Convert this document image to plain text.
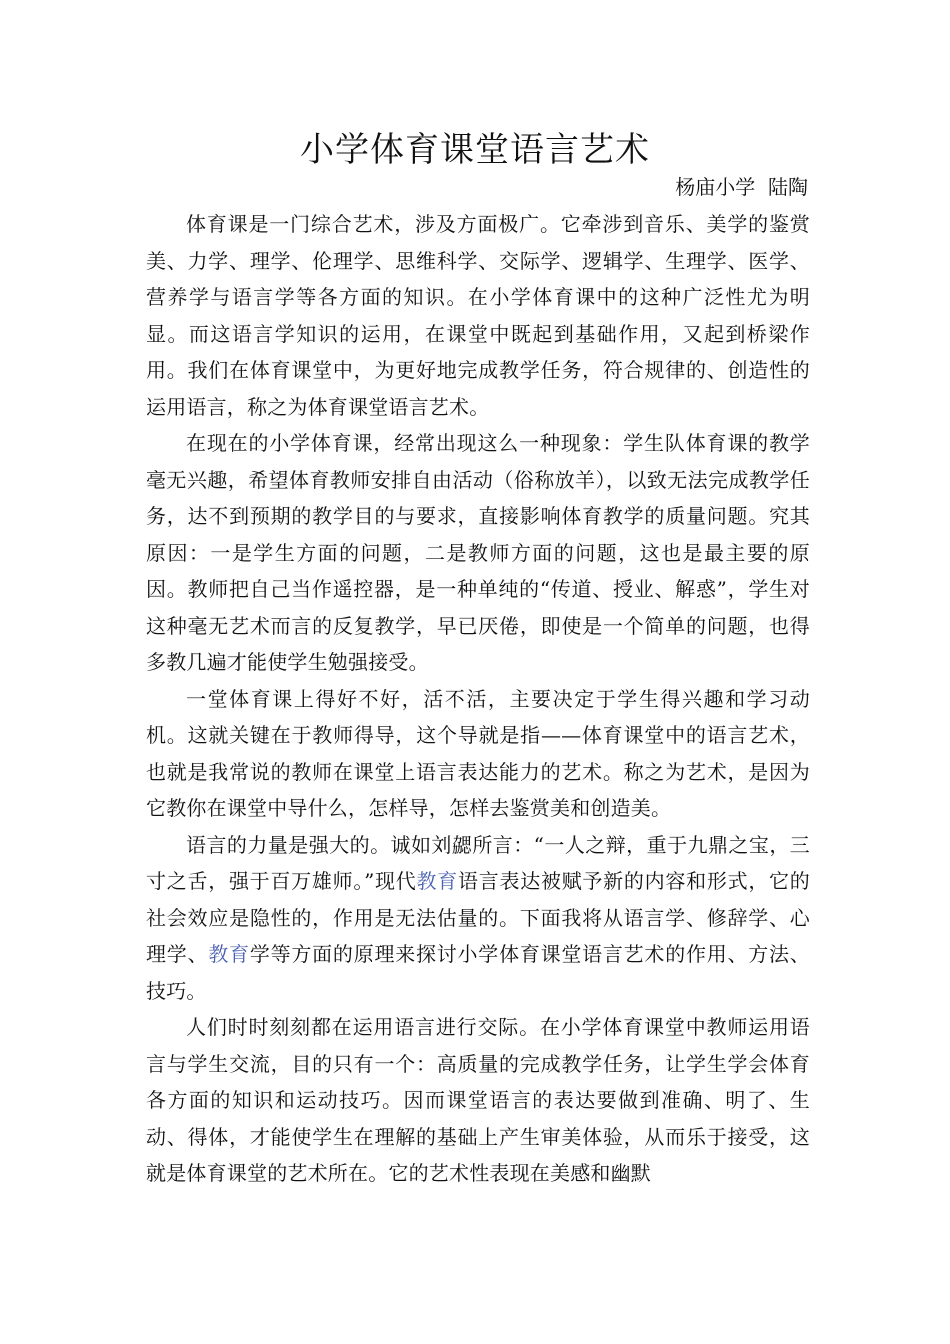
小学体育课堂语言艺术
杨庙小学  陆陶

体育课是一门综合艺术，涉及方面极广。它牵涉到音乐、美学的鉴赏美、力学、理学、伦理学、思维科学、交际学、逻辑学、生理学、医学、营养学与语言学等各方面的知识。在小学体育课中的这种广泛性尤为明显。而这语言学知识的运用，在课堂中既起到基础作用，又起到桥梁作用。我们在体育课堂中，为更好地完成教学任务，符合规律的、创造性的运用语言，称之为体育课堂语言艺术。

在现在的小学体育课，经常出现这么一种现象：学生队体育课的教学毫无兴趣，希望体育教师安排自由活动（俗称放羊），以致无法完成教学任务，达不到预期的教学目的与要求，直接影响体育教学的质量问题。究其原因：一是学生方面的问题，二是教师方面的问题，这也是最主要的原因。教师把自己当作遥控器，是一种单纯的“传道、授业、解惑”，学生对这种毫无艺术而言的反复教学，早已厌倦，即使是一个简单的问题，也得多教几遍才能使学生勉强接受。

一堂体育课上得好不好，活不活，主要决定于学生得兴趣和学习动机。这就关键在于教师得导，这个导就是指——体育课堂中的语言艺术，也就是我常说的教师在课堂上语言表达能力的艺术。称之为艺术，是因为它教你在课堂中导什么，怎样导，怎样去鉴赏美和创造美。

语言的力量是强大的。诚如刘勰所言：“一人之辩，重于九鼎之宝，三寸之舌，强于百万雄师。”现代教育语言表达被赋予新的内容和形式，它的社会效应是隐性的，作用是无法估量的。下面我将从语言学、修辞学、心理学、教育学等方面的原理来探讨小学体育课堂语言艺术的作用、方法、技巧。

人们时时刻刻都在运用语言进行交际。在小学体育课堂中教师运用语言与学生交流，目的只有一个：高质量的完成教学任务，让学生学会体育各方面的知识和运动技巧。因而课堂语言的表达要做到准确、明了、生动、得体，才能使学生在理解的基础上产生审美体验，从而乐于接受，这就是体育课堂的艺术所在。它的艺术性表现在美感和幽默
